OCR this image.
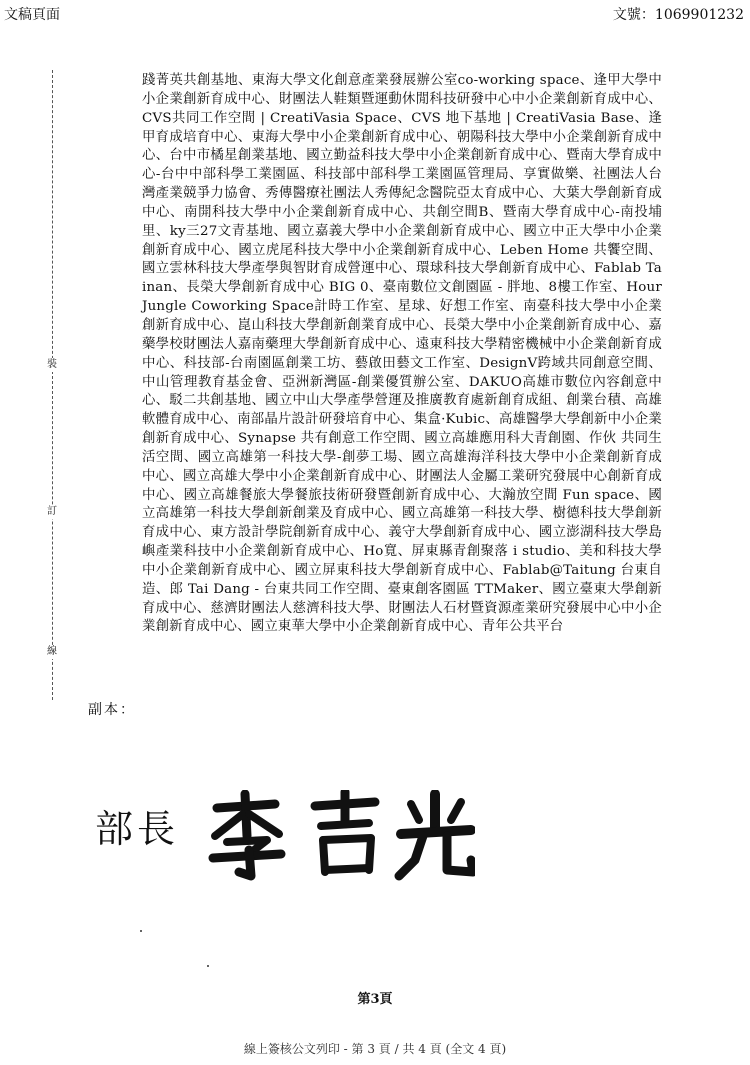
文稿頁面	文號：1069901232
裝
訂
線
踐菁英共創基地、東海大學文化創意產業發展辦公室co-working space、逢甲大學中小企業創新育成中心、財團法人鞋類暨運動休閒科技研發中心中小企業創新育成中心、CVS共同工作空間 | CreatiVasia Space、CVS 地下基地 | CreatiVasia Base、逢甲育成培育中心、東海大學中小企業創新育成中心、朝陽科技大學中小企業創新育成中心、台中市橘星創業基地、國立勤益科技大學中小企業創新育成中心、暨南大學育成中心-台中中部科學工業園區、科技部中部科學工業園區管理局、享實做樂、社團法人台灣產業競爭力協會、秀傳醫療社團法人秀傳紀念醫院亞太育成中心、大葉大學創新育成中心、南開科技大學中小企業創新育成中心、共創空間B、暨南大學育成中心-南投埔里、ky三27文青基地、國立嘉義大學中小企業創新育成中心、國立中正大學中小企業創新育成中心、國立虎尾科技大學中小企業創新育成中心、Leben Home 共饗空間、國立雲林科技大學產學與智財育成營運中心、環球科技大學創新育成中心、Fablab Tainan、長榮大學創新育成中心 BIG 0、臺南數位文創園區 - 胖地、8樓工作室、Hour Jungle Coworking Space計時工作室、星球、好想工作室、南臺科技大學中小企業創新育成中心、崑山科技大學創新創業育成中心、長榮大學中小企業創新育成中心、嘉藥學校財團法人嘉南藥理大學創新育成中心、遠東科技大學精密機械中小企業創新育成中心、科技部-台南園區創業工坊、藝啟田藝文工作室、DesignV跨域共同創意空間、中山管理教育基金會、亞洲新灣區-創業優質辦公室、DAKUO高雄市數位內容創意中心、駁二共創基地、國立中山大學產學營運及推廣教育處新創育成組、創業台積、高雄軟體育成中心、南部晶片設計研發培育中心、集盒·Kubic、高雄醫學大學創新中小企業創新育成中心、Synapse 共有創意工作空間、國立高雄應用科大青創園、作伙 共同生活空間、國立高雄第一科技大學-創夢工場、國立高雄海洋科技大學中小企業創新育成中心、國立高雄大學中小企業創新育成中心、財團法人金屬工業研究發展中心創新育成中心、國立高雄餐旅大學餐旅技術研發暨創新育成中心、大瀚放空間 Fun space、國立高雄第一科技大學創新創業及育成中心、國立高雄第一科技大學、樹德科技大學創新育成中心、東方設計學院創新育成中心、義守大學創新育成中心、國立澎湖科技大學島嶼產業科技中小企業創新育成中心、Ho寬、屏東縣青創聚落 i studio、美和科技大學中小企業創新育成中心、國立屏東科技大學創新育成中心、Fablab@Taitung 台東自造、郎 Tai Dang - 台東共同工作空間、臺東創客園區 TTMaker、國立臺東大學創新育成中心、慈濟財團法人慈濟科技大學、財團法人石材暨資源產業研究發展中心中小企業創新育成中心、國立東華大學中小企業創新育成中心、青年公共平台
副本：
部長
第3頁
線上簽核公文列印 - 第 3 頁 / 共 4 頁 (全文 4 頁)
